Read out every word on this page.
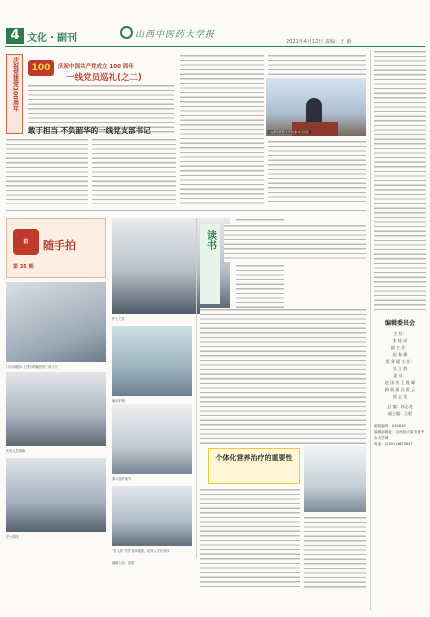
4 文化・副刊	山西中医药大学报
2021年4月12日 责编：王 毅
庆祝党建党100周年	100	庆祝中国共产党成立 100 周年
一线党员巡礼(之二)
敢于担当 不负韶华的一线党支部书记	山西中医药大学党委书记讲话
拍	随手拍
第 35 期
门诊部服务:上图为附属医院门诊大厅
护士工作
病房护理
医务人员看病
护士陪同
第六届护师节
“医人防”守护身体健康，给家人守好身体
编辑人员：高琨
读书
个体化营养治疗的重要性
编辑委员会
主 任：
张 桂 成
副 主 任：
赵 春 雄
常 务 副 主 任：
吴 立 群
委 员：
赵 国 庆 王 俊 峰
梅 丽 丽 冯 爱 云
郭 志 龙
总 编：郭志龙
副主编：王毅
邮政编码：030619
编辑部地址：山西省太原市晋中市大学城
电话：(0351)4653647
